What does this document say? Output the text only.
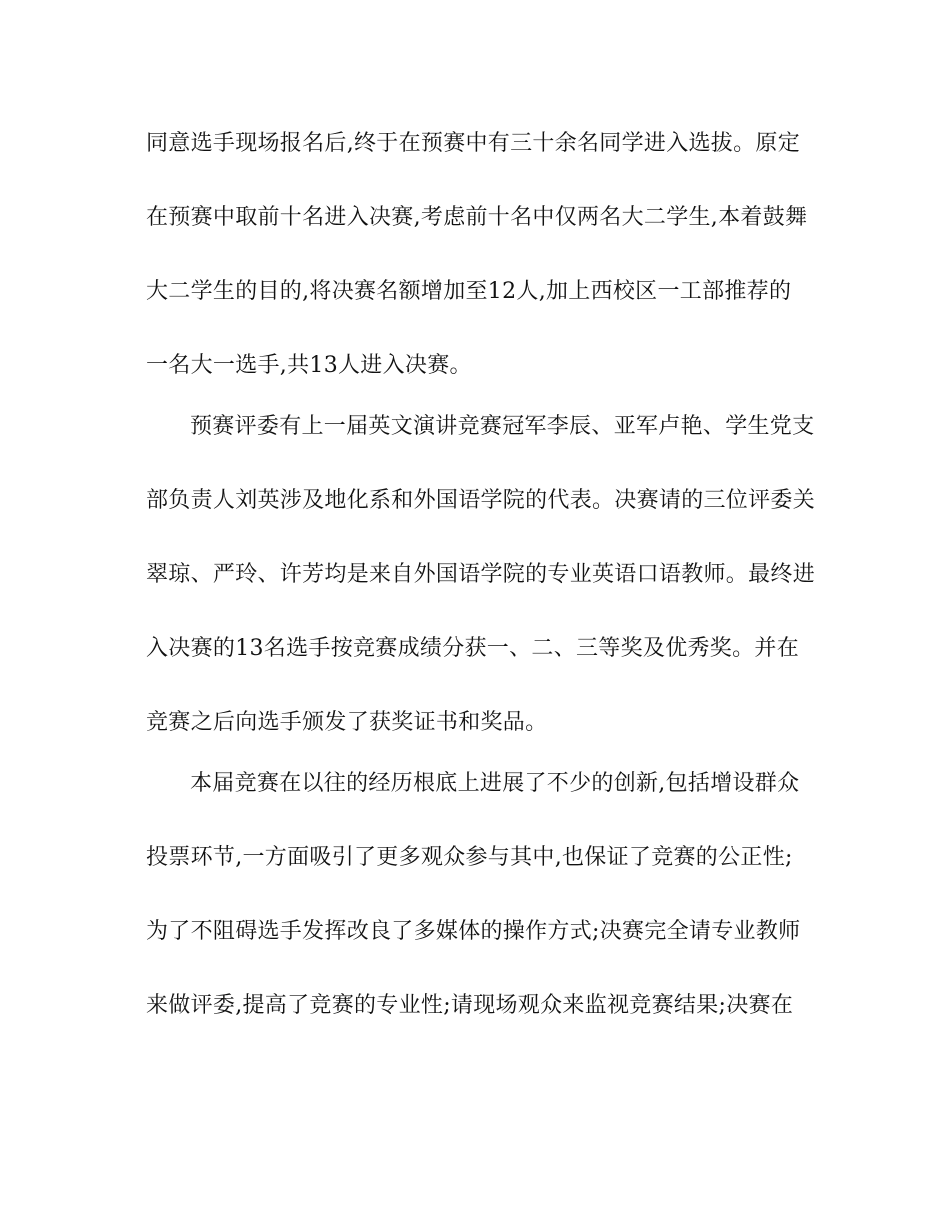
同意选手现场报名后,终于在预赛中有三十余名同学进入选拔。原定
在预赛中取前十名进入决赛,考虑前十名中仅两名大二学生,本着鼓舞
大二学生的目的,将决赛名额增加至12人,加上西校区一工部推荐的
一名大一选手,共13人进入决赛。
预赛评委有上一届英文演讲竞赛冠军李辰、亚军卢艳、学生党支
部负责人刘英涉及地化系和外国语学院的代表。决赛请的三位评委关
翠琼、严玲、许芳均是来自外国语学院的专业英语口语教师。最终进
入决赛的13名选手按竞赛成绩分获一、二、三等奖及优秀奖。并在
竞赛之后向选手颁发了获奖证书和奖品。
本届竞赛在以往的经历根底上进展了不少的创新,包括增设群众
投票环节,一方面吸引了更多观众参与其中,也保证了竞赛的公正性;
为了不阻碍选手发挥改良了多媒体的操作方式;决赛完全请专业教师
来做评委,提高了竞赛的专业性;请现场观众来监视竞赛结果;决赛在
